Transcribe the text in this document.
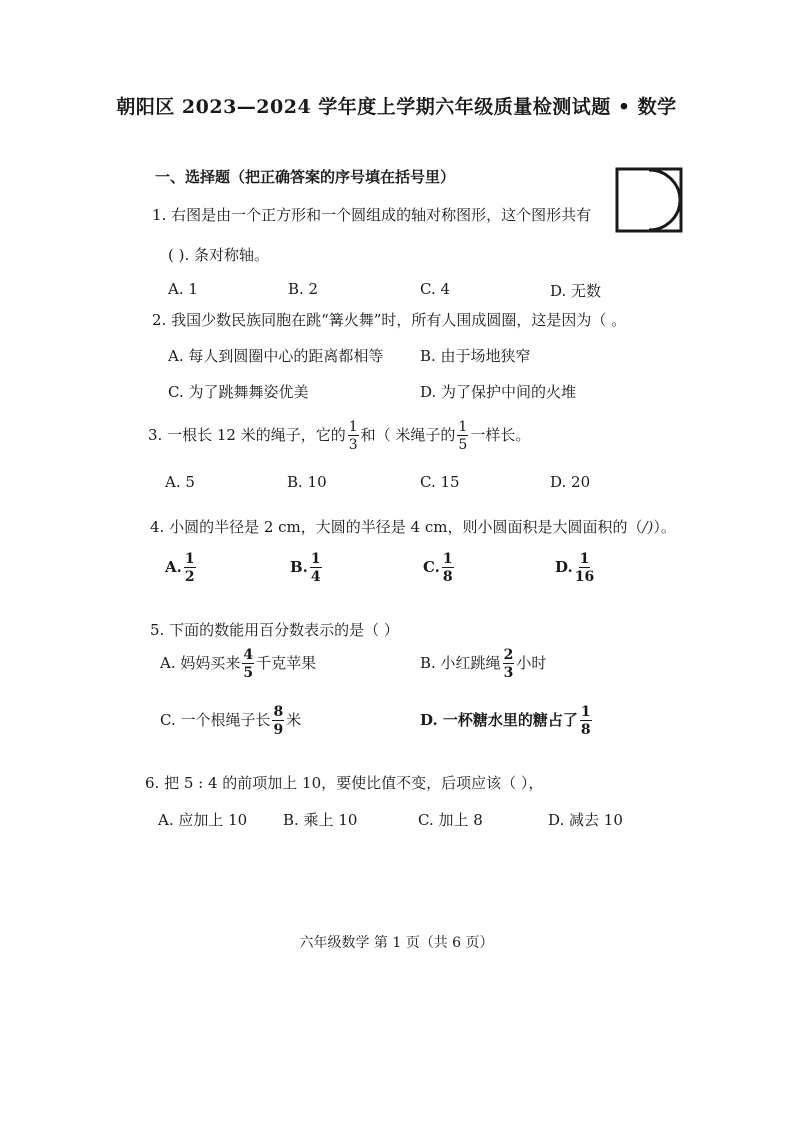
朝阳区 2023—2024 学年度上学期六年级质量检测试题 • 数学
一、选择题（把正确答案的序号填在括号里）
1. 右图是由一个正方形和一个圆组成的轴对称图形，这个图形共有
( ). 条对称轴。
A. 1	B. 2	C. 4	D. 无数
2. 我国少数民族同胞在跳“篝火舞”时，所有人围成圆圈，这是因为（ 。
A. 每人到圆圈中心的距离都相等 B. 由于场地狭窄
C. 为了跳舞舞姿优美	D. 为了保护中间的火堆
3. 一根长 12 米的绳子，它的 $\frac{1}{3}$ 和（ 米绳子的 $\frac{1}{5}$ 一样长。
A. 5	B. 10	C. 15	D. 20
4. 小圆的半径是 2 cm，大圆的半径是 4 cm，则小圆面积是大圆面积的（/)）。
A. $\frac{1}{2}$	B. $\frac{1}{4}$	C. $\frac{1}{8}$	D. $\frac{1}{16}$
5. 下面的数能用百分数表示的是（ ）
A. 妈妈买来 $\frac{4}{5}$ 千克苹果	B. 小红跳绳 $\frac{2}{3}$ 小时
C. 一个根绳子长 $\frac{8}{9}$ 米	D. 一杯糖水里的糖占了 $\frac{1}{8}$
6. 把 5 : 4 的前项加上 10，要使比值不变，后项应该（ ），
A. 应加上 10 B. 乘上 10	C. 加上 8	D. 减去 10
六年级数学 第 1 页（共 6 页）
